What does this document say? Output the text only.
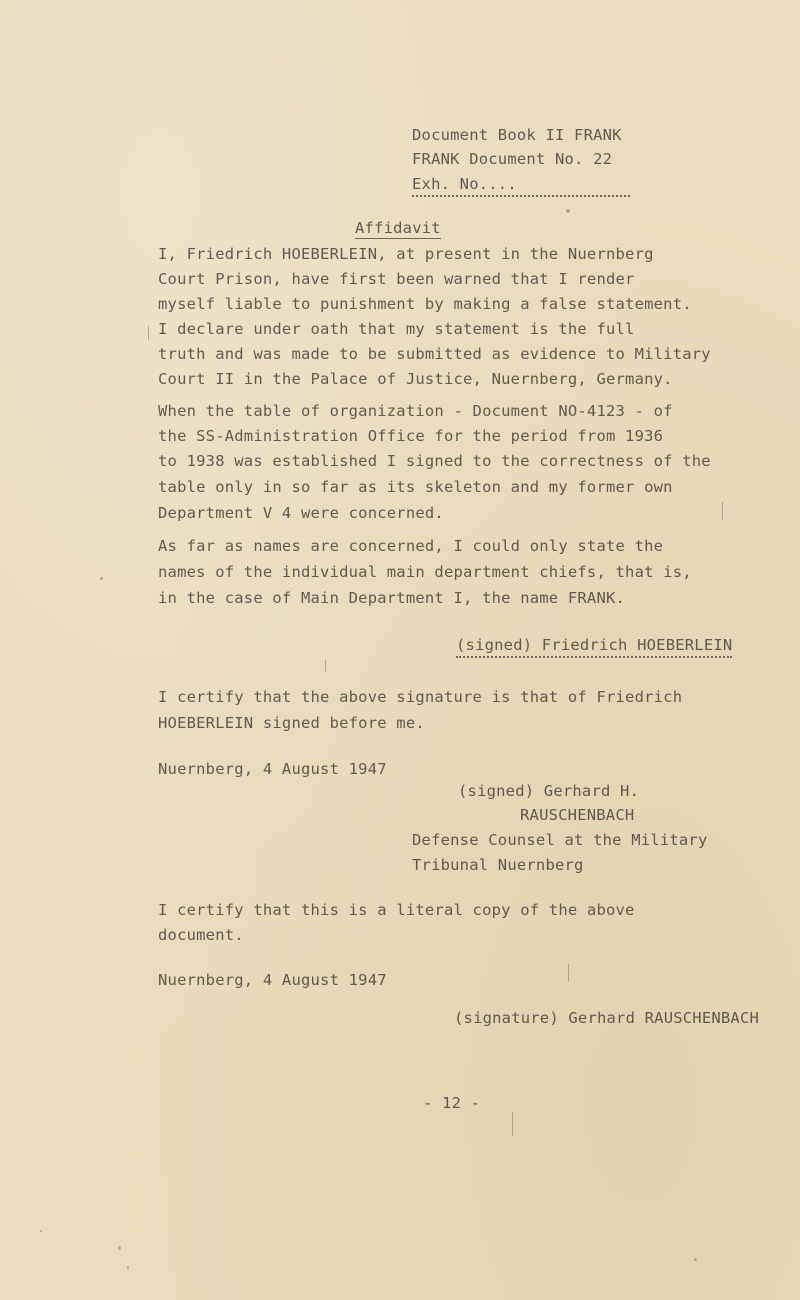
Document Book II FRANK
FRANK Document No. 22
Exh. No....
Affidavit
I, Friedrich HOEBERLEIN, at present in the Nuernberg
Court Prison, have first been warned that I render
myself liable to punishment by making a false statement.
I declare under oath that my statement is the full
truth and was made to be submitted as evidence to Military
Court II in the Palace of Justice, Nuernberg, Germany.
When the table of organization - Document NO-4123 - of
the SS-Administration Office for the period from 1936
to 1938 was established I signed to the correctness of the
table only in so far as its skeleton and my former own
Department V 4 were concerned.
As far as names are concerned, I could only state the
names of the individual main department chiefs, that is,
in the case of Main Department I, the name FRANK.
(signed) Friedrich HOEBERLEIN
I certify that the above signature is that of Friedrich
HOEBERLEIN signed before me.
Nuernberg, 4 August 1947
(signed) Gerhard H.
RAUSCHENBACH
Defense Counsel at the Military
Tribunal Nuernberg
I certify that this is a literal copy of the above
document.
Nuernberg, 4 August 1947
(signature) Gerhard RAUSCHENBACH
- 12 -
